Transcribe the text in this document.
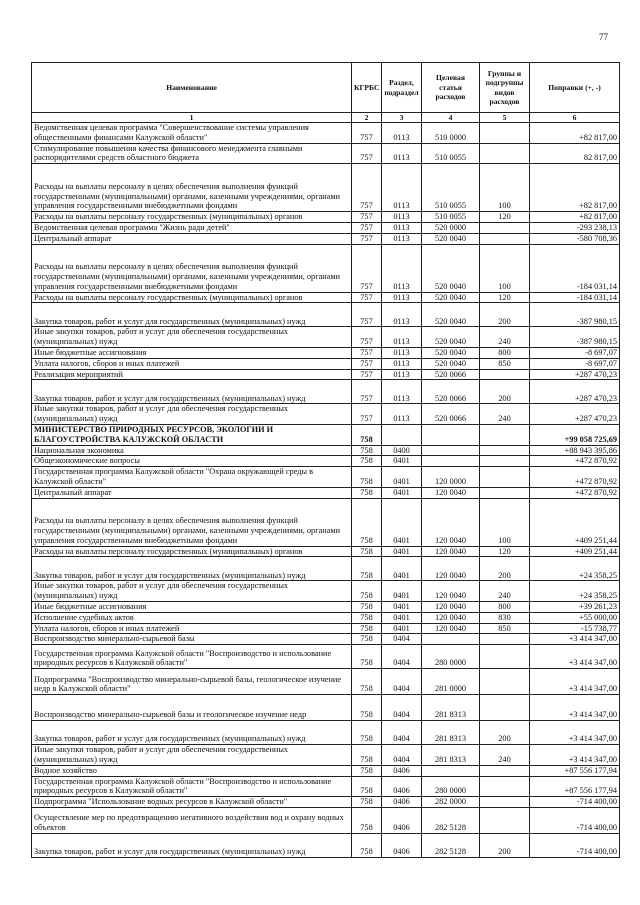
77
Наименование	КГРБС	Раздел, подраздел	Целевая статья расходов	Группы и подгруппы видов расходов	Поправки (+, -)
1	2	3	4	5	6
Ведомственная целевая программа "Совершенствование системы управления общественными финансами Калужской области"	757	0113	510 0000		+82 817,00
Стимулирование повышения качества финансового менеджмента главными распорядителями средств областного бюджета	757	0113	510 0055		82 817,00
Расходы на выплаты персоналу в целях обеспечения выполнения функций государственными (муниципальными) органами, казенными учреждениями, органами управления государственными внебюджетными фондами	757	0113	510 0055	100	+82 817,00
Расходы на выплаты персоналу государственных (муниципальных) органов	757	0113	510 0055	120	+82 817,00
Ведомственная целевая программа "Жизнь ради детей"	757	0113	520 0000		-293 238,13
Центральный аппарат	757	0113	520 0040		-580 708,36
Расходы на выплаты персоналу в целях обеспечения выполнения функций государственными (муниципальными) органами, казенными учреждениями, органами управления государственными внебюджетными фондами	757	0113	520 0040	100	-184 031,14
Расходы на выплаты персоналу государственных (муниципальных) органов	757	0113	520 0040	120	-184 031,14
Закупка товаров, работ и услуг для государственных (муниципальных) нужд	757	0113	520 0040	200	-387 980,15
Иные закупки товаров, работ и услуг для обеспечения государственных (муниципальных) нужд	757	0113	520 0040	240	-387 980,15
Иные бюджетные ассигнования	757	0113	520 0040	800	-8 697,07
Уплата налогов, сборов и иных платежей	757	0113	520 0040	850	-8 697,07
Реализация мероприятий	757	0113	520 0066		+287 470,23
Закупка товаров, работ и услуг для государственных (муниципальных) нужд	757	0113	520 0066	200	+287 470,23
Иные закупки товаров, работ и услуг для обеспечения государственных (муниципальных) нужд	757	0113	520 0066	240	+287 470,23
МИНИСТЕРСТВО ПРИРОДНЫХ РЕСУРСОВ, ЭКОЛОГИИ И БЛАГОУСТРОЙСТВА КАЛУЖСКОЙ ОБЛАСТИ	758				+99 058 725,69
Национальная экономика	758	0400			+88 943 395,86
Общеэкономические вопросы	758	0401			+472 870,92
Государственная программа Калужской области "Охрана окружающей среды в Калужской области"	758	0401	120 0000		+472 870,92
Центральный аппарат	758	0401	120 0040		+472 870,92
Расходы на выплаты персоналу в целях обеспечения выполнения функций государственными (муниципальными) органами, казенными учреждениями, органами управления государственными внебюджетными фондами	758	0401	120 0040	100	+409 251,44
Расходы на выплаты персоналу государственных (муниципальных) органов	758	0401	120 0040	120	+409 251,44
Закупка товаров, работ и услуг для государственных (муниципальных) нужд	758	0401	120 0040	200	+24 358,25
Иные закупки товаров, работ и услуг для обеспечения государственных (муниципальных) нужд	758	0401	120 0040	240	+24 358,25
Иные бюджетные ассигнования	758	0401	120 0040	800	+39 261,23
Исполнение судебных актов	758	0401	120 0040	830	+55 000,00
Уплата налогов, сборов и иных платежей	758	0401	120 0040	850	-15 738,77
Воспроизводство минерально-сырьевой базы	758	0404			+3 414 347,00
Государственная программа Калужской области "Воспроизводство и использование природных ресурсов в Калужской области"	758	0404	280 0000		+3 414 347,00
Подпрограмма "Воспроизводство минерально-сырьевой базы, геологическое изучение недр в Калужской области"	758	0404	281 0000		+3 414 347,00
Воспроизводство минерально-сырьевой базы и геологическое изучение недр	758	0404	281 8313		+3 414 347,00
Закупка товаров, работ и услуг для государственных (муниципальных) нужд	758	0404	281 8313	200	+3 414 347,00
Иные закупки товаров, работ и услуг для обеспечения государственных (муниципальных) нужд	758	0404	281 8313	240	+3 414 347,00
Водное хозяйство	758	0406			+87 556 177,94
Государственная программа Калужской области "Воспроизводство и использование природных ресурсов в Калужской области"	758	0406	280 0000		+87 556 177,94
Подпрограмма "Использование водных ресурсов в Калужской области"	758	0406	282 0000		-714 400,00
Осуществление мер по предотвращению негативного воздействия вод и охрану водных объектов	758	0406	282 5128		-714 400,00
Закупка товаров, работ и услуг для государственных (муниципальных) нужд	758	0406	282 5128	200	-714 400,00
